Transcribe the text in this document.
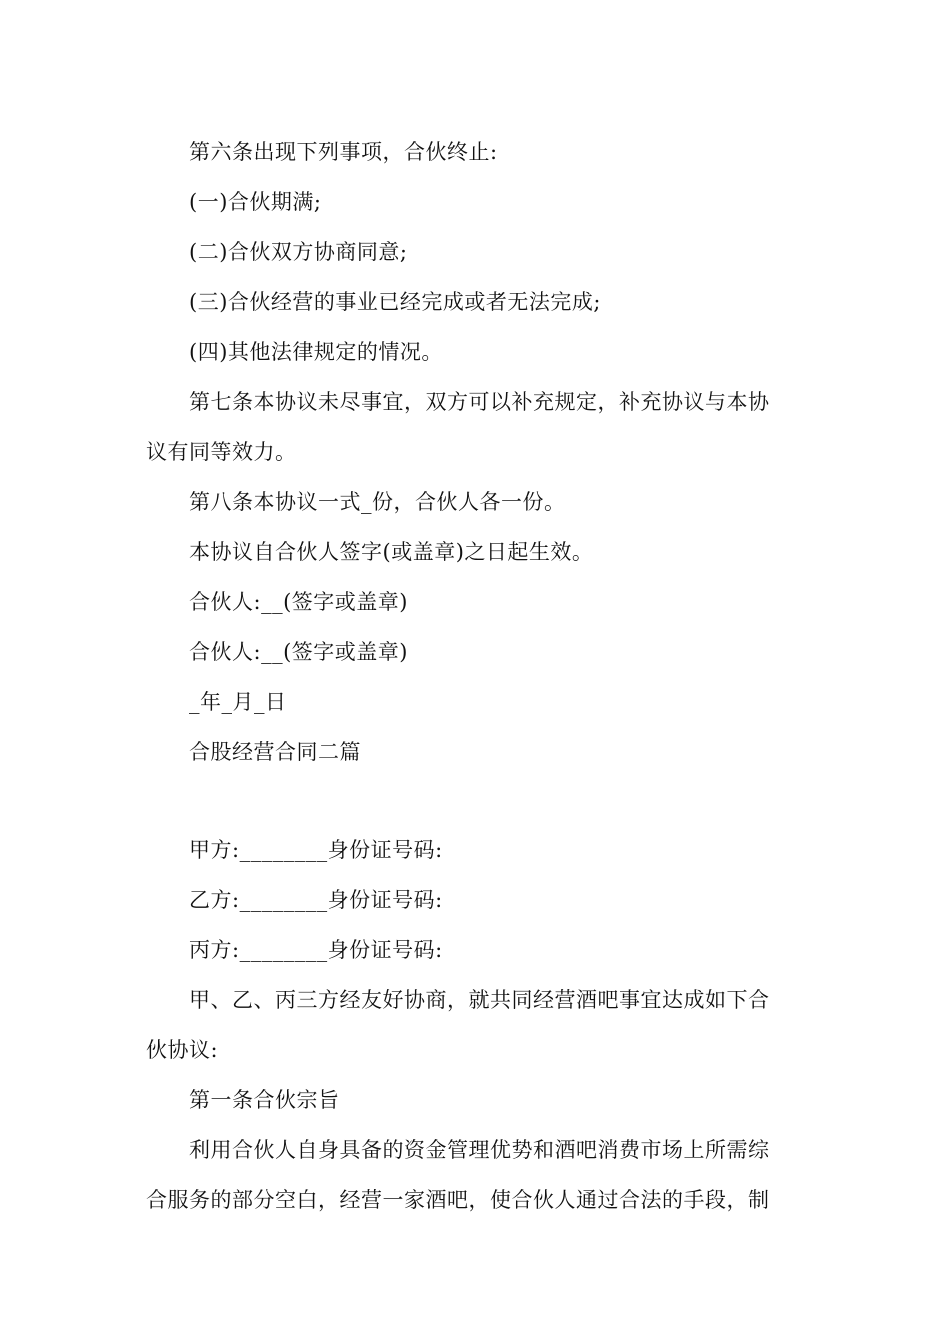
第六条出现下列事项，合伙终止:
(一)合伙期满;
(二)合伙双方协商同意;
(三)合伙经营的事业已经完成或者无法完成;
(四)其他法律规定的情况。
第七条本协议未尽事宜，双方可以补充规定，补充协议与本协
议有同等效力。
第八条本协议一式_份，合伙人各一份。
本协议自合伙人签字(或盖章)之日起生效。
合伙人:__(签字或盖章)
合伙人:__(签字或盖章)
_年_月_日
合股经营合同二篇
甲方:________身份证号码:
乙方:________身份证号码:
丙方:________身份证号码:
甲、乙、丙三方经友好协商，就共同经营酒吧事宜达成如下合
伙协议:
第一条合伙宗旨
利用合伙人自身具备的资金管理优势和酒吧消费市场上所需综
合服务的部分空白，经营一家酒吧，使合伙人通过合法的手段，制
